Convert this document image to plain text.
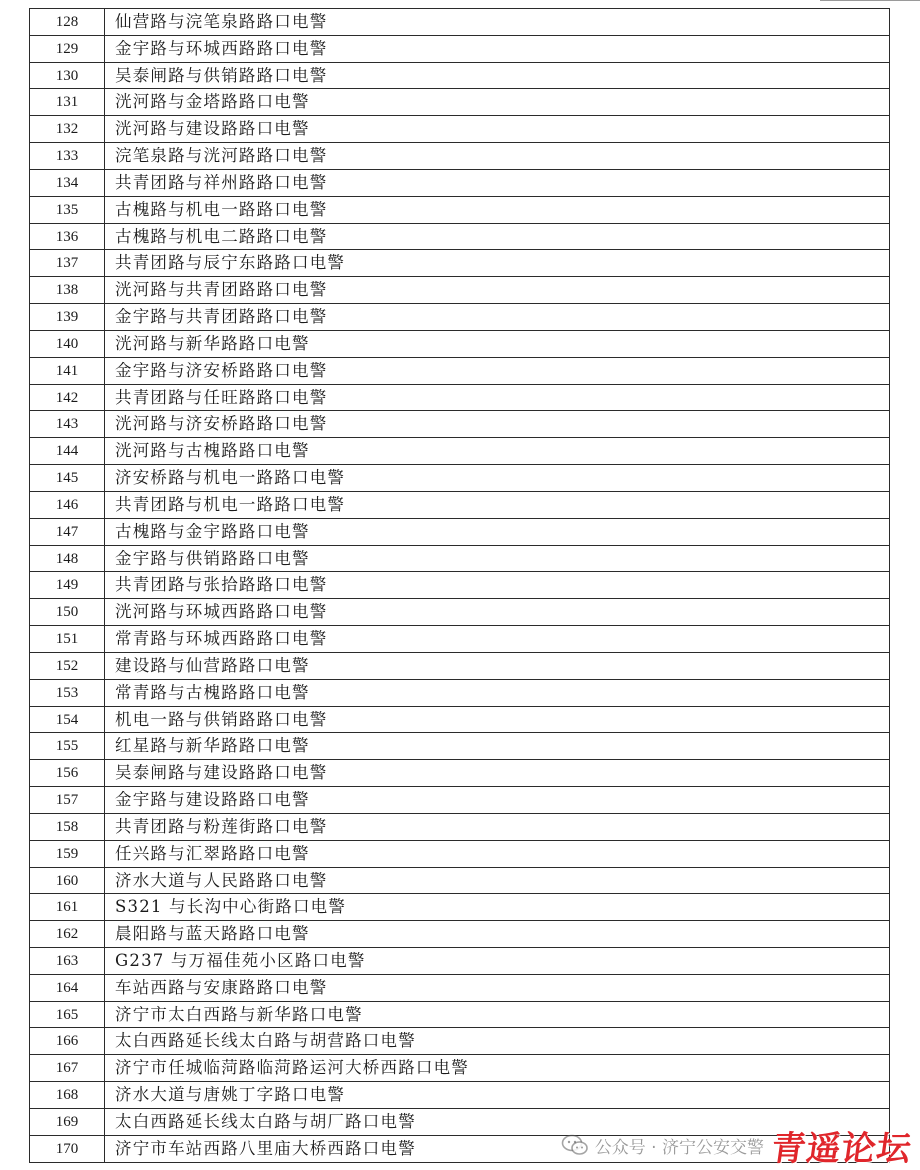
128	仙营路与浣笔泉路路口电警
129	金宇路与环城西路路口电警
130	吴泰闸路与供销路路口电警
131	洸河路与金塔路路口电警
132	洸河路与建设路路口电警
133	浣笔泉路与洸河路路口电警
134	共青团路与祥州路路口电警
135	古槐路与机电一路路口电警
136	古槐路与机电二路路口电警
137	共青团路与辰宁东路路口电警
138	洸河路与共青团路路口电警
139	金宇路与共青团路路口电警
140	洸河路与新华路路口电警
141	金宇路与济安桥路路口电警
142	共青团路与任旺路路口电警
143	洸河路与济安桥路路口电警
144	洸河路与古槐路路口电警
145	济安桥路与机电一路路口电警
146	共青团路与机电一路路口电警
147	古槐路与金宇路路口电警
148	金宇路与供销路路口电警
149	共青团路与张拾路路口电警
150	洸河路与环城西路路口电警
151	常青路与环城西路路口电警
152	建设路与仙营路路口电警
153	常青路与古槐路路口电警
154	机电一路与供销路路口电警
155	红星路与新华路路口电警
156	吴泰闸路与建设路路口电警
157	金宇路与建设路路口电警
158	共青团路与粉莲街路口电警
159	任兴路与汇翠路路口电警
160	济水大道与人民路路口电警
161	S321 与长沟中心街路口电警
162	晨阳路与蓝天路路口电警
163	G237 与万福佳苑小区路口电警
164	车站西路与安康路路口电警
165	济宁市太白西路与新华路口电警
166	太白西路延长线太白路与胡营路口电警
167	济宁市任城临菏路临菏路运河大桥西路口电警
168	济水大道与唐姚丁字路口电警
169	太白西路延长线太白路与胡厂路口电警
170	济宁市车站西路八里庙大桥西路口电警	公众号 · 济宁公安交警 青遥论坛
